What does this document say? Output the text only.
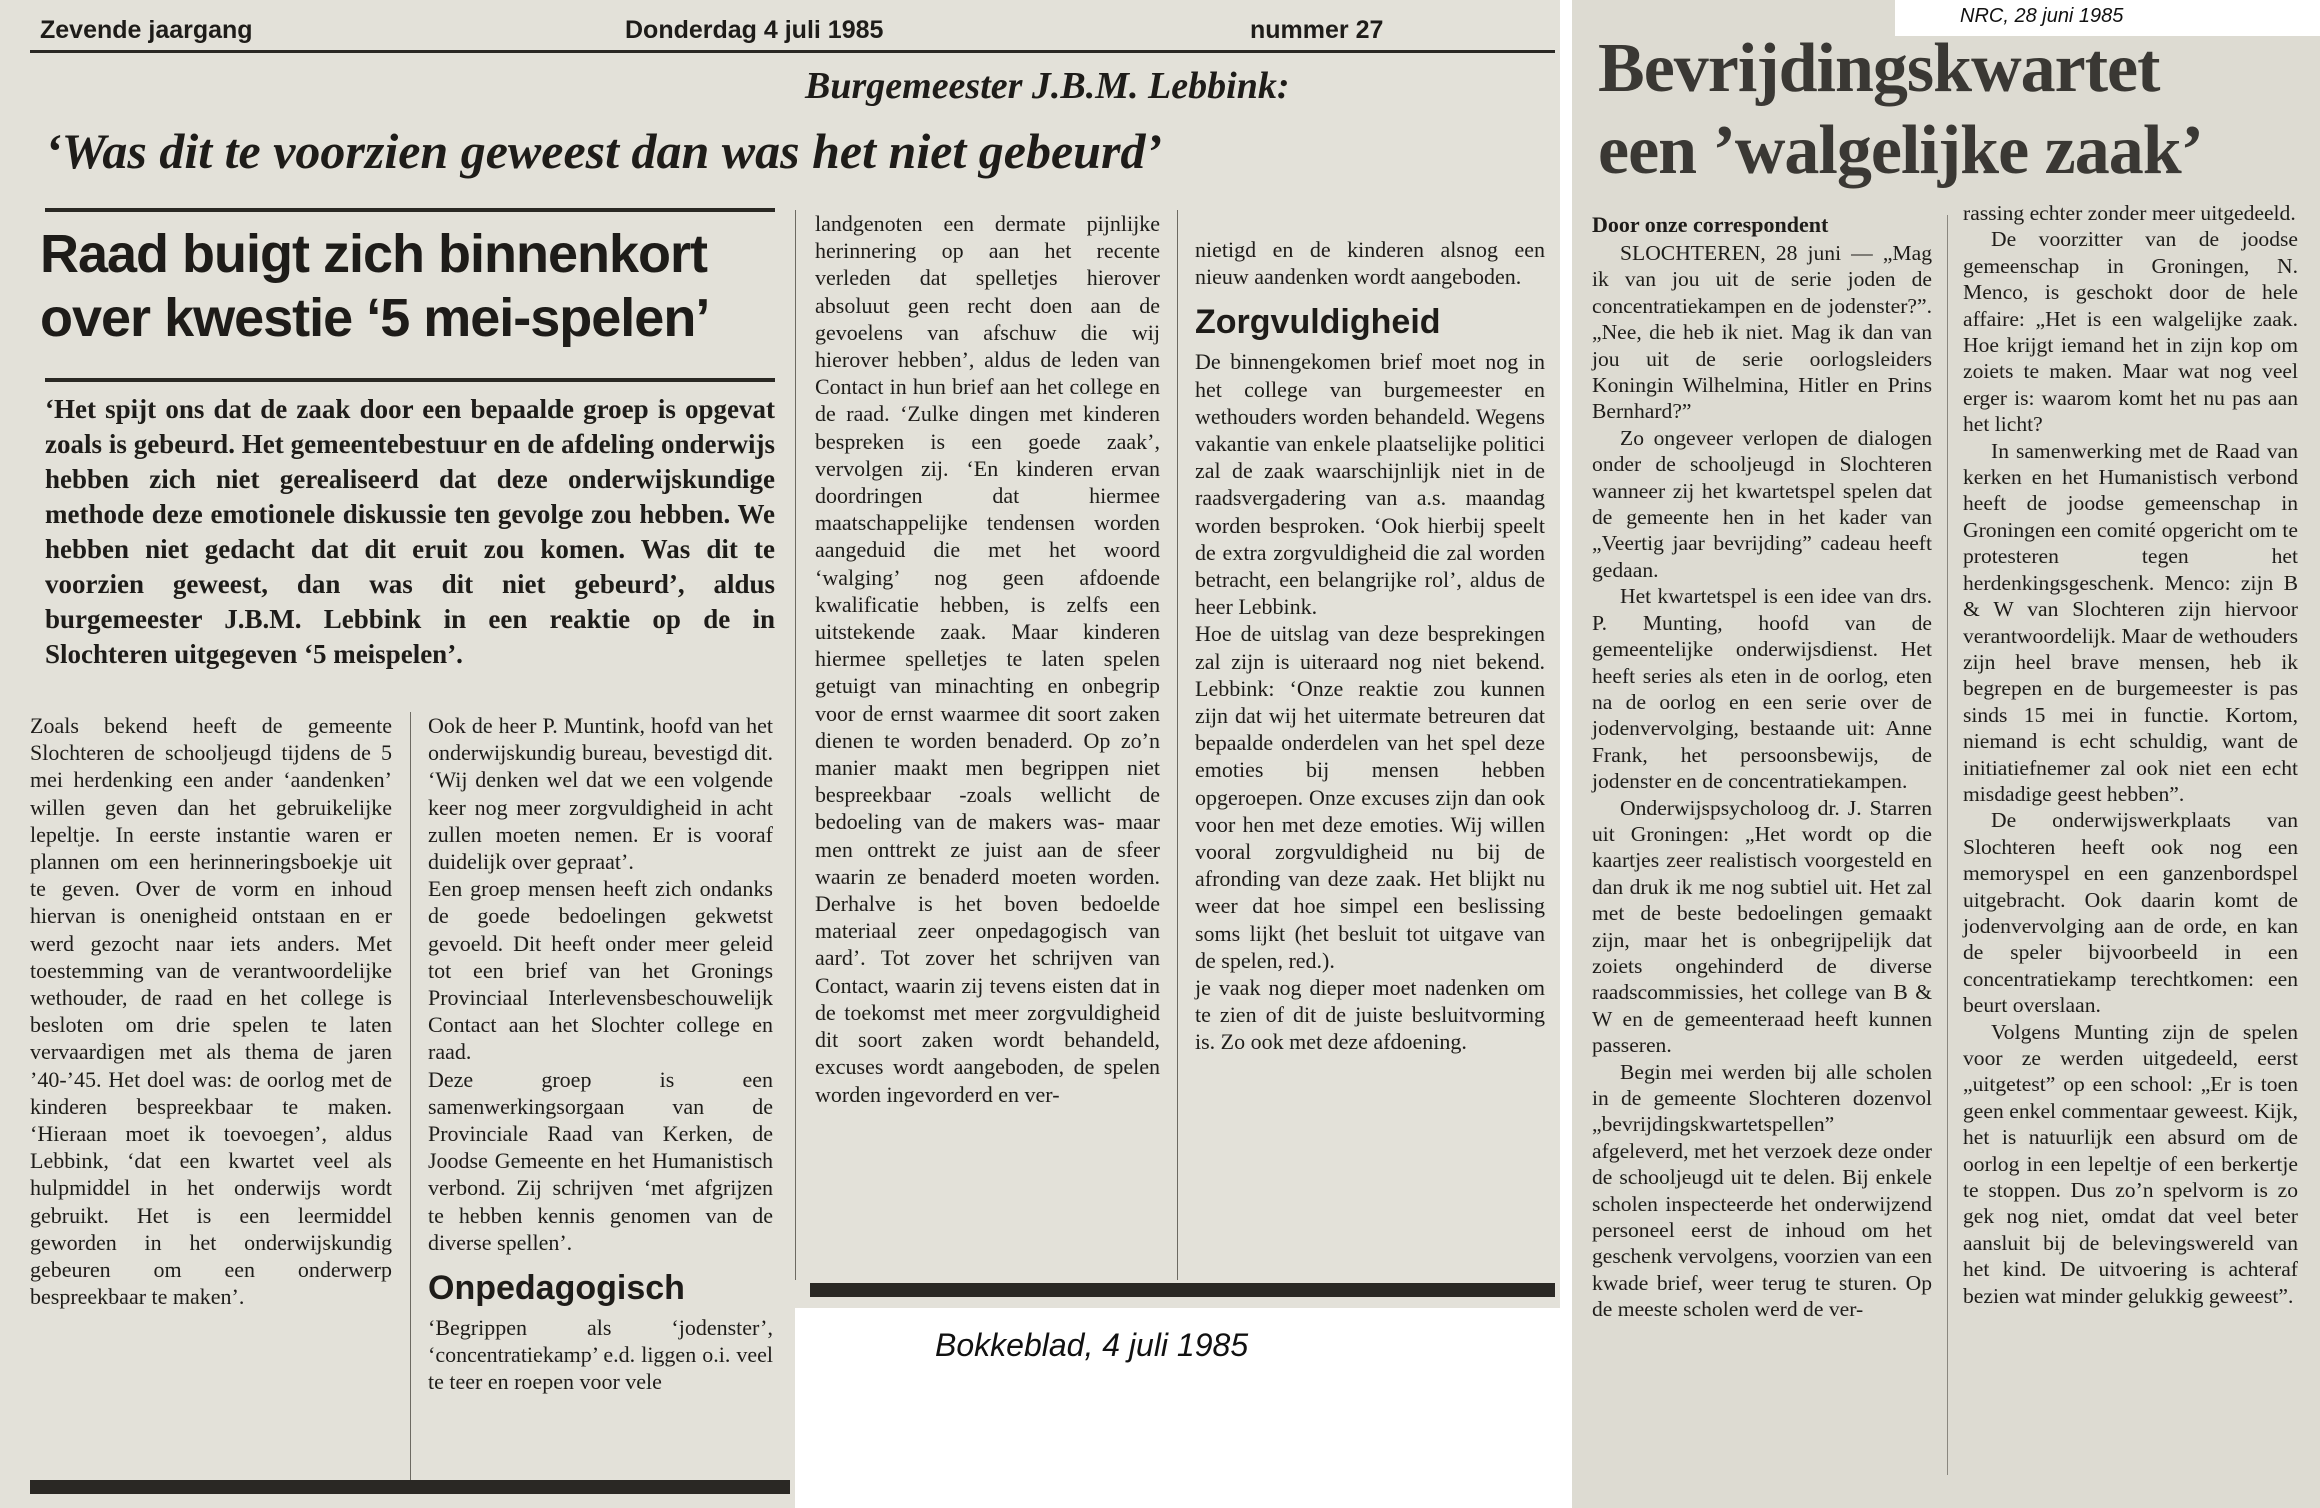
Zevende jaargang	Donderdag 4 juli 1985	nummer 27
Burgemeester J.B.M. Lebbink:
‘Was dit te voorzien geweest dan was het niet gebeurd’
Raad buigt zich binnenkort over kwestie ‘5 mei-spelen’
‘Het spijt ons dat de zaak door een bepaalde groep is opgevat zoals is gebeurd. Het gemeentebestuur en de afdeling onderwijs hebben zich niet gerealiseerd dat deze onderwijskundige methode deze emotionele diskussie ten gevolge zou hebben. We hebben niet gedacht dat dit eruit zou komen. Was dit te voorzien geweest, dan was dit niet gebeurd’, aldus burgemeester J.B.M. Lebbink in een reaktie op de in Slochteren uitgegeven ‘5 meispelen’.

Zoals bekend heeft de gemeente Slochteren de schooljeugd tijdens de 5 mei herdenking een ander ‘aandenken’ willen geven dan het gebruikelijke lepeltje. In eerste instantie waren er plannen om een herinneringsboekje uit te geven. Over de vorm en inhoud hiervan is onenigheid ontstaan en er werd gezocht naar iets anders. Met toestemming van de verantwoordelijke wethouder, de raad en het college is besloten om drie spelen te laten vervaardigen met als thema de jaren ’40-’45. Het doel was: de oorlog met de kinderen bespreekbaar te maken. ‘Hieraan moet ik toevoegen’, aldus Lebbink, ‘dat een kwartet veel als hulpmiddel in het onderwijs wordt gebruikt. Het is een leermiddel geworden in het onderwijskundig gebeuren om een onderwerp bespreekbaar te maken’.

Ook de heer P. Muntink, hoofd van het onderwijskundig bureau, bevestigd dit. ‘Wij denken wel dat we een volgende keer nog meer zorgvuldigheid in acht zullen moeten nemen. Er is vooraf duidelijk over gepraat’.

Een groep mensen heeft zich ondanks de goede bedoelingen gekwetst gevoeld. Dit heeft onder meer geleid tot een brief van het Gronings Provinciaal Interlevensbeschouwelijk Contact aan het Slochter college en raad.

Deze groep is een samenwerkingsorgaan van de Provinciale Raad van Kerken, de Joodse Gemeente en het Humanistisch verbond. Zij schrijven ‘met afgrijzen te hebben kennis genomen van de diverse spellen’.

Onpedagogisch

‘Begrippen als ‘jodenster’, ‘concentratiekamp’ e.d. liggen o.i. veel te teer en roepen voor vele

landgenoten een dermate pijnlijke herinnering op aan het recente verleden dat spelletjes hierover absoluut geen recht doen aan de gevoelens van afschuw die wij hierover hebben’, aldus de leden van Contact in hun brief aan het college en de raad. ‘Zulke dingen met kinderen bespreken is een goede zaak’, vervolgen zij. ‘En kinderen ervan doordringen dat hiermee maatschappelijke tendensen worden aangeduid die met het woord ‘walging’ nog geen afdoende kwalificatie hebben, is zelfs een uitstekende zaak. Maar kinderen hiermee spelletjes te laten spelen getuigt van minachting en onbegrip voor de ernst waarmee dit soort zaken dienen te worden benaderd. Op zo’n manier maakt men begrippen niet bespreekbaar -zoals wellicht de bedoeling van de makers was- maar men onttrekt ze juist aan de sfeer waarin ze benaderd moeten worden. Derhalve is het boven bedoelde materiaal zeer onpedagogisch van aard’. Tot zover het schrijven van Contact, waarin zij tevens eisten dat in de toekomst met meer zorgvuldigheid dit soort zaken wordt behandeld, excuses wordt aangeboden, de spelen worden ingevorderd en ver-

nietigd en de kinderen alsnog een nieuw aandenken wordt aangeboden.

Zorgvuldigheid

De binnengekomen brief moet nog in het college van burgemeester en wethouders worden behandeld. Wegens vakantie van enkele plaatselijke politici zal de zaak waarschijnlijk niet in de raadsvergadering van a.s. maandag worden besproken. ‘Ook hierbij speelt de extra zorgvuldigheid die zal worden betracht, een belangrijke rol’, aldus de heer Lebbink.

Hoe de uitslag van deze besprekingen zal zijn is uiteraard nog niet bekend. Lebbink: ‘Onze reaktie zou kunnen zijn dat wij het uitermate betreuren dat bepaalde onderdelen van het spel deze emoties bij mensen hebben opgeroepen. Onze excuses zijn dan ook voor hen met deze emoties. Wij willen vooral zorgvuldigheid nu bij de afronding van deze zaak. Het blijkt nu weer dat hoe simpel een beslissing soms lijkt (het besluit tot uitgave van de spelen, red.).

je vaak nog dieper moet nadenken om te zien of dit de juiste besluitvorming is. Zo ook met deze afdoening.

Bokkeblad, 4 juli 1985
NRC, 28 juni 1985
Bevrijdingskwartet
een ’walgelijke zaak’
Door onze correspondent

SLOCHTEREN, 28 juni — „Mag ik van jou uit de serie joden de concentratiekampen en de jodenster?”. „Nee, die heb ik niet. Mag ik dan van jou uit de serie oorlogsleiders Koningin Wilhelmina, Hitler en Prins Bernhard?”

Zo ongeveer verlopen de dialogen onder de schooljeugd in Slochteren wanneer zij het kwartetspel spelen dat de gemeente hen in het kader van „Veertig jaar bevrijding” cadeau heeft gedaan.

Het kwartetspel is een idee van drs. P. Munting, hoofd van de gemeentelijke onderwijsdienst. Het heeft series als eten in de oorlog, eten na de oorlog en een serie over de jodenvervolging, bestaande uit: Anne Frank, het persoonsbewijs, de jodenster en de concentratiekampen.

Onderwijspsycholoog dr. J. Starren uit Groningen: „Het wordt op die kaartjes zeer realistisch voorgesteld en dan druk ik me nog subtiel uit. Het zal met de beste bedoelingen gemaakt zijn, maar het is onbegrijpelijk dat zoiets ongehinderd de diverse raadscommissies, het college van B & W en de gemeenteraad heeft kunnen passeren.

Begin mei werden bij alle scholen in de gemeente Slochteren dozenvol „bevrijdingskwartetspellen” afgeleverd, met het verzoek deze onder de schooljeugd uit te delen. Bij enkele scholen inspecteerde het onderwijzend personeel eerst de inhoud om het geschenk vervolgens, voorzien van een kwade brief, weer terug te sturen. Op de meeste scholen werd de ver-

rassing echter zonder meer uitgedeeld.

De voorzitter van de joodse gemeenschap in Groningen, N. Menco, is geschokt door de hele affaire: „Het is een walgelijke zaak. Hoe krijgt iemand het in zijn kop om zoiets te maken. Maar wat nog veel erger is: waarom komt het nu pas aan het licht?

In samenwerking met de Raad van kerken en het Humanistisch verbond heeft de joodse gemeenschap in Groningen een comité opgericht om te protesteren tegen het herdenkingsgeschenk. Menco: zijn B & W van Slochteren zijn hiervoor verantwoordelijk. Maar de wethouders zijn heel brave mensen, heb ik begrepen en de burgemeester is pas sinds 15 mei in functie. Kortom, niemand is echt schuldig, want de initiatiefnemer zal ook niet een echt misdadige geest hebben”.

De onderwijswerkplaats van Slochteren heeft ook nog een memoryspel en een ganzenbordspel uitgebracht. Ook daarin komt de jodenvervolging aan de orde, en kan de speler bijvoorbeeld in een concentratiekamp terechtkomen: een beurt overslaan.

Volgens Munting zijn de spelen voor ze werden uitgedeeld, eerst „uitgetest” op een school: „Er is toen geen enkel commentaar geweest. Kijk, het is natuurlijk een absurd om de oorlog in een lepeltje of een berkertje te stoppen. Dus zo’n spelvorm is zo gek nog niet, omdat dat veel beter aansluit bij de belevingswereld van het kind. De uitvoering is achteraf bezien wat minder gelukkig geweest”.
